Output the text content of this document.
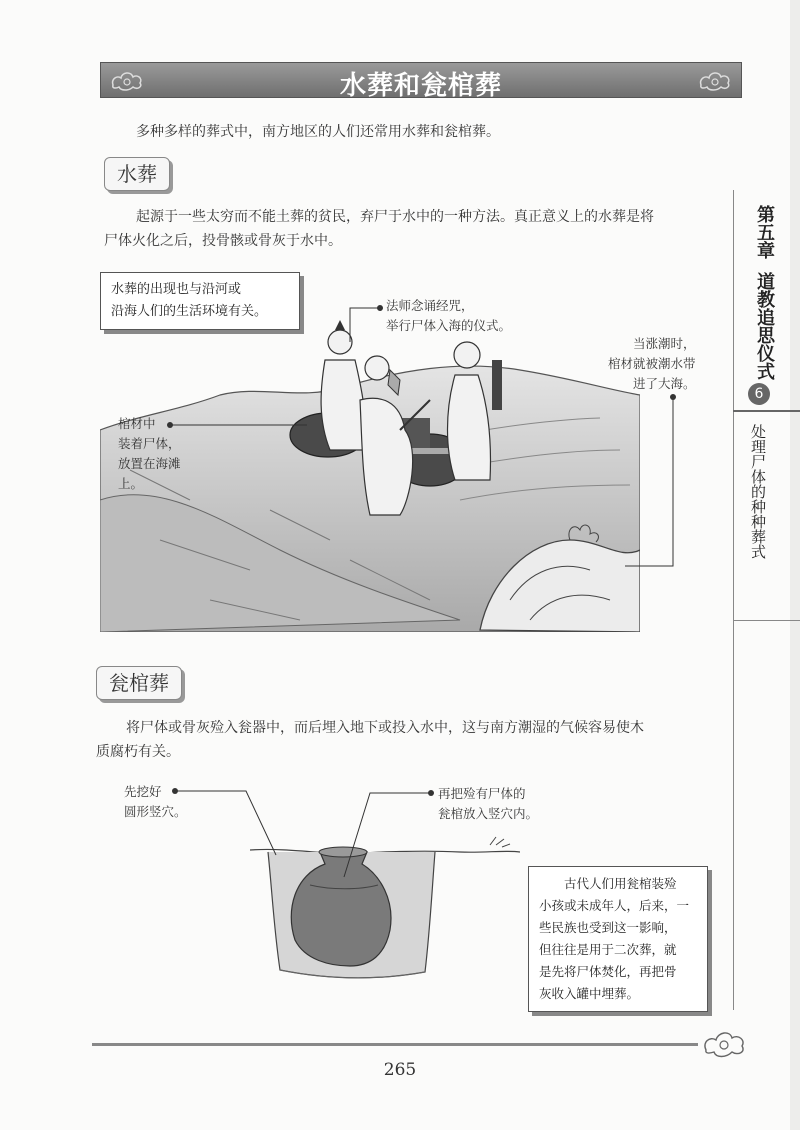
水葬和瓮棺葬
多种多样的葬式中，南方地区的人们还常用水葬和瓮棺葬。
水葬
起源于一些太穷而不能土葬的贫民，弃尸于水中的一种方法。真正意义上的水葬是将
尸体火化之后，投骨骸或骨灰于水中。
水葬的出现也与沿河或
沿海人们的生活环境有关。	法师念诵经咒，
举行尸体入海的仪式。
当涨潮时，
棺材就被潮水带
进了大海。
棺材中
装着尸体，
放置在海滩
上。
瓮棺葬
将尸体或骨灰殓入瓮器中，而后埋入地下或投入水中，这与南方潮湿的气候容易使木
质腐朽有关。
先挖好
圆形竖穴。
再把殓有尸体的
瓮棺放入竖穴内。
古代人们用瓮棺装殓
小孩或未成年人，后来，一
些民族也受到这一影响，
但往往是用于二次葬，就
是先将尸体焚化，再把骨
灰收入罐中埋葬。
第五章
道教追思仪式
6
处理尸体的种种葬式
265
